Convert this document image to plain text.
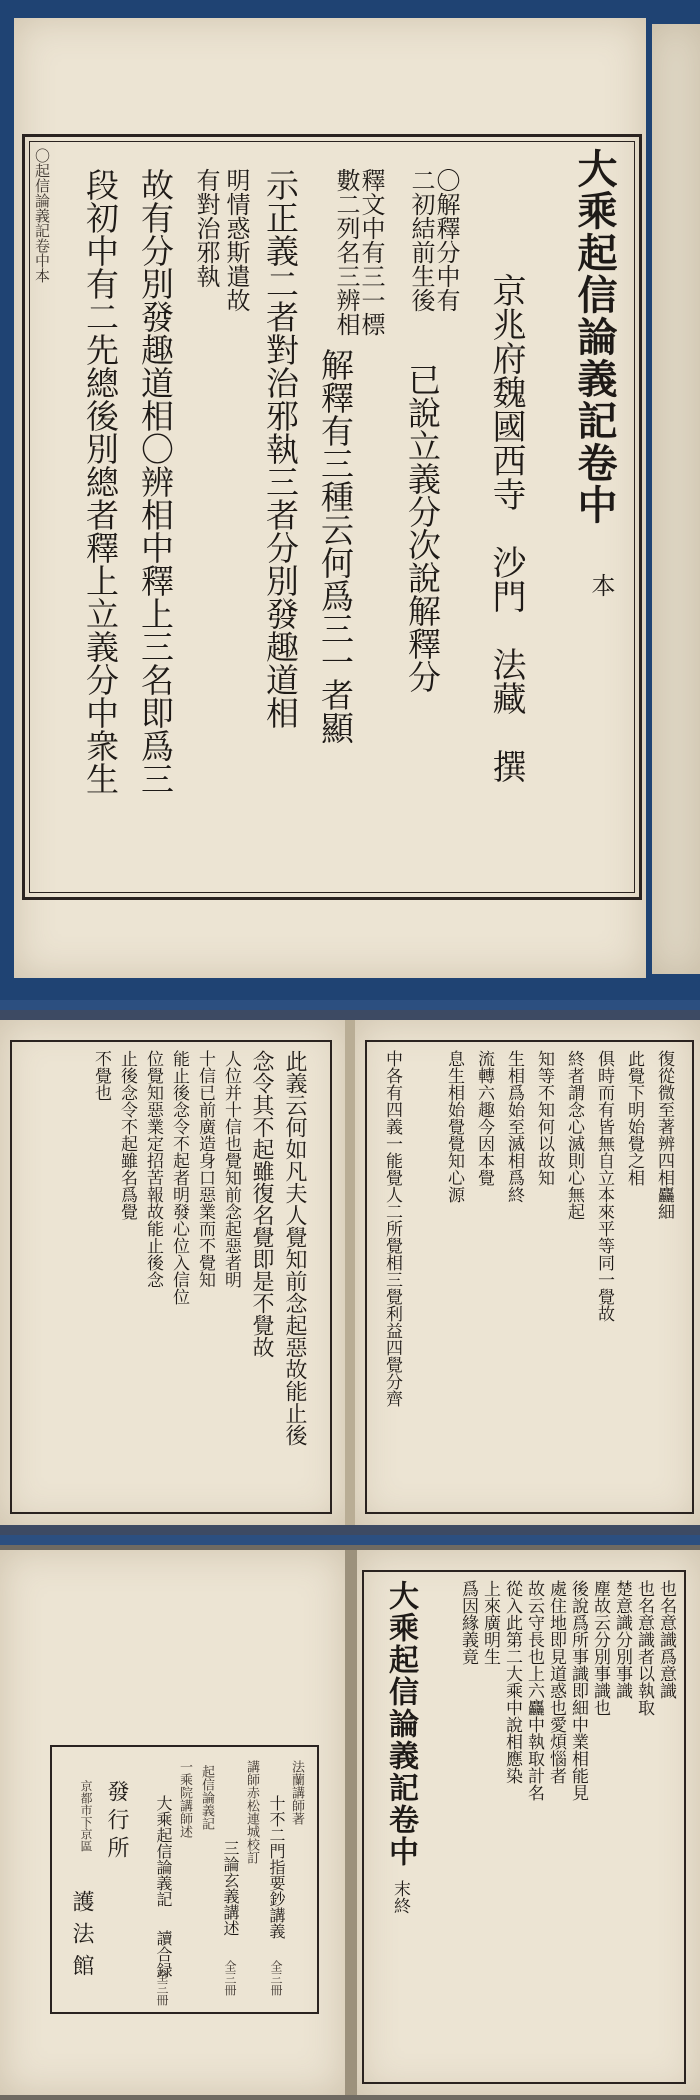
〇起信論義記卷中本	大乘起信論義記卷中
本
京兆府魏國西寺　沙門　法藏　撰
〇解釋分中有
二初結前生後
已說立義分次說解釋分
釋文中有三一標
數二列名三辨相
解釋有三種云何爲三一者顯
示正義二者對治邪執三者分別發趣道相
明情惑斯遣故
有對治邪執
故有分別發趣道相〇辨相中釋上三名即爲三
段初中有二先總後別總者釋上立義分中衆生
此義云何如凡夫人覺知前念起惡故能止後
念令其不起雖復名覺即是不覺故
人位并十信也覺知前念起惡者明
十信已前廣造身口惡業而不覺知
能止後念令不起者明發心位入信位
位覺知惡業定招苦報故能止後念
止後念令不起雖名爲覺
不覺也	復從微至著辨四相麤細
此覺下明始覺之相
俱時而有皆無自立本來平等同一覺故
終者謂念心滅則心無起
知等不知何以故知
生相爲始至滅相爲終
流轉六趣今因本覺
息生相始覺覺知心源
中各有四義一能覺人二所覺相三覺利益四覺分齊
法蘭講師著
十不二門指要鈔講義
講師赤松連城校訂
三論玄義講述
起信論義記
一乘院講師述
大乘起信論義記
讀合録	全三冊
全三冊
全三冊
發行所
京都市下京區
護法館
也名意識爲意識
也名意識者以執取
楚意識分別事識
塵故云分別事識也
後說爲所事識即細中業相能見
處住地即見道惑也愛煩惱者
故云守長也上六麤中執取計名
從入此第二大乘中說相應染
上來廣明生
爲因緣義竟
大乘起信論義記卷中
末終
